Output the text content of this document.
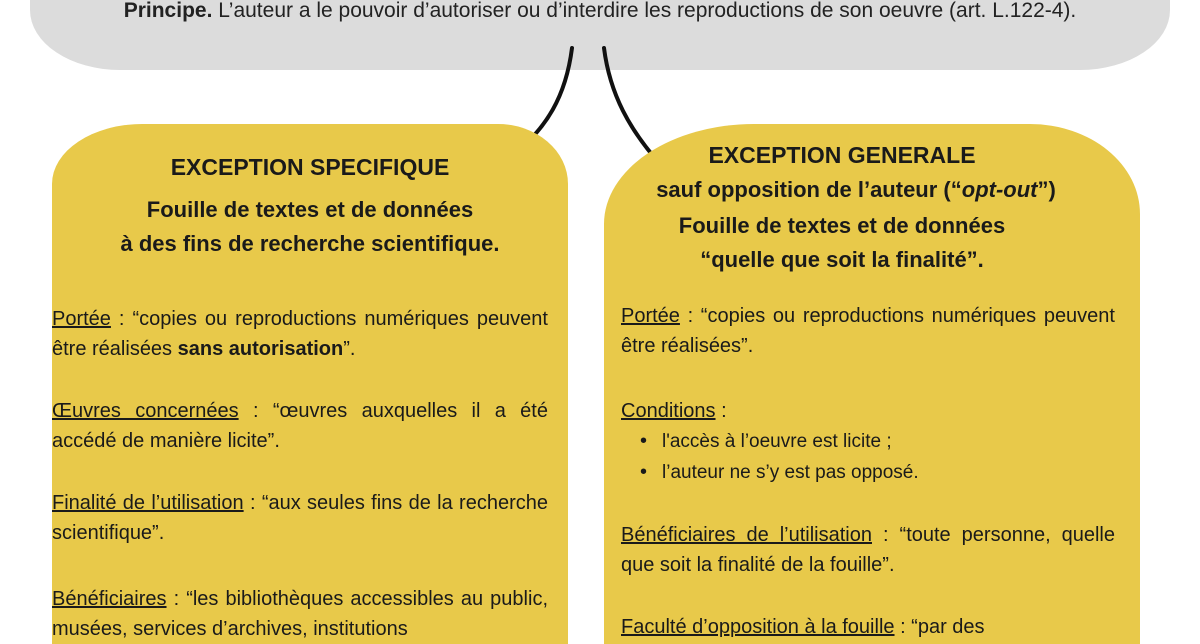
Principe. L’auteur a le pouvoir d’autoriser ou d’interdire les reproductions de son oeuvre (art. L.122-4).
EXCEPTION SPECIFIQUE
Fouille de textes et de données
à des fins de recherche scientifique.
Portée : “copies ou reproductions numériques peuvent être réalisées sans autorisation”.
Œuvres concernées : “œuvres auxquelles il a été accédé de manière licite”.
Finalité de l’utilisation : “aux seules fins de la recherche scientifique”.
Bénéficiaires : “les bibliothèques accessibles au public, musées, services d’archives, institutions
EXCEPTION GENERALE
sauf opposition de l’auteur (“opt-out”)
Fouille de textes et de données
“quelle que soit la finalité”.
Portée : “copies ou reproductions numériques peuvent être réalisées”.
Conditions :
• l'accès à l’oeuvre est licite ;
• l’auteur ne s’y est pas opposé.
Bénéficiaires de l’utilisation : “toute personne, quelle que soit la finalité de la fouille”.
Faculté d’opposition à la fouille : “par des
